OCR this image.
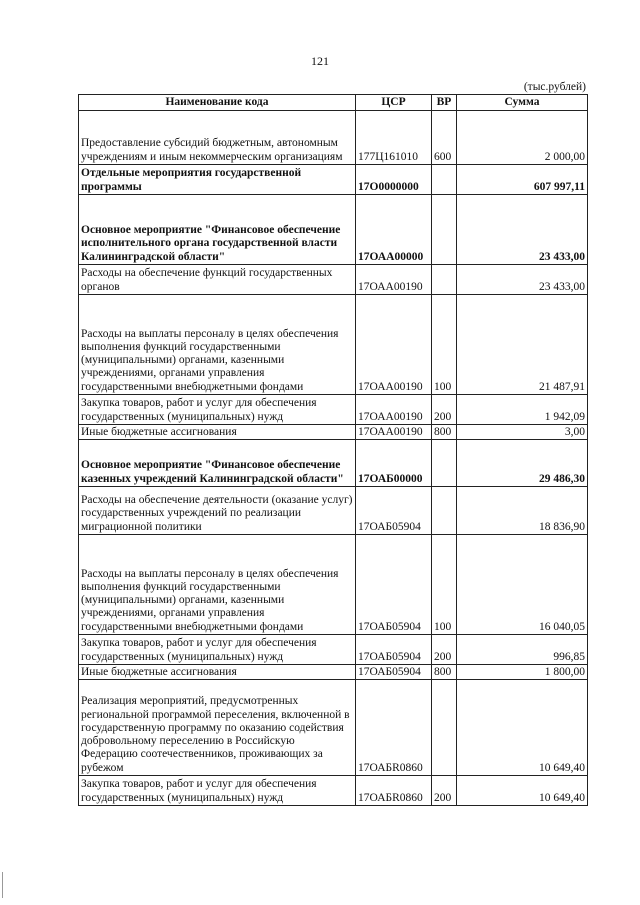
121
(тыс.рублей)
Наименование кода	ЦСР	ВР	Сумма
Предоставление субсидий бюджетным, автономным учреждениям и иным некоммерческим организациям	177Ц161010	600	2 000,00
Отдельные мероприятия государственной программы	17О0000000		607 997,11
Основное мероприятие "Финансовое обеспечение исполнительного органа государственной власти Калининградской области"	17ОАА00000		23 433,00
Расходы на обеспечение функций государственных органов	17ОАА00190		23 433,00
Расходы на выплаты персоналу в целях обеспечения выполнения функций государственными (муниципальными) органами, казенными учреждениями, органами управления государственными внебюджетными фондами	17ОАА00190	100	21 487,91
Закупка товаров, работ и услуг для обеспечения государственных (муниципальных) нужд	17ОАА00190	200	1 942,09
Иные бюджетные ассигнования	17ОАА00190	800	3,00
Основное мероприятие "Финансовое обеспечение казенных учреждений Калининградской области"	17ОАБ00000		29 486,30
Расходы на обеспечение деятельности (оказание услуг) государственных учреждений по реализации миграционной политики	17ОАБ05904		18 836,90
Расходы на выплаты персоналу в целях обеспечения выполнения функций государственными (муниципальными) органами, казенными учреждениями, органами управления государственными внебюджетными фондами	17ОАБ05904	100	16 040,05
Закупка товаров, работ и услуг для обеспечения государственных (муниципальных) нужд	17ОАБ05904	200	996,85
Иные бюджетные ассигнования	17ОАБ05904	800	1 800,00
Реализация мероприятий, предусмотренных региональной программой переселения, включенной в государственную программу по оказанию содействия добровольному переселению в Российскую Федерацию соотечественников, проживающих за рубежом	17ОАБR0860		10 649,40
Закупка товаров, работ и услуг для обеспечения государственных (муниципальных) нужд	17ОАБR0860	200	10 649,40
